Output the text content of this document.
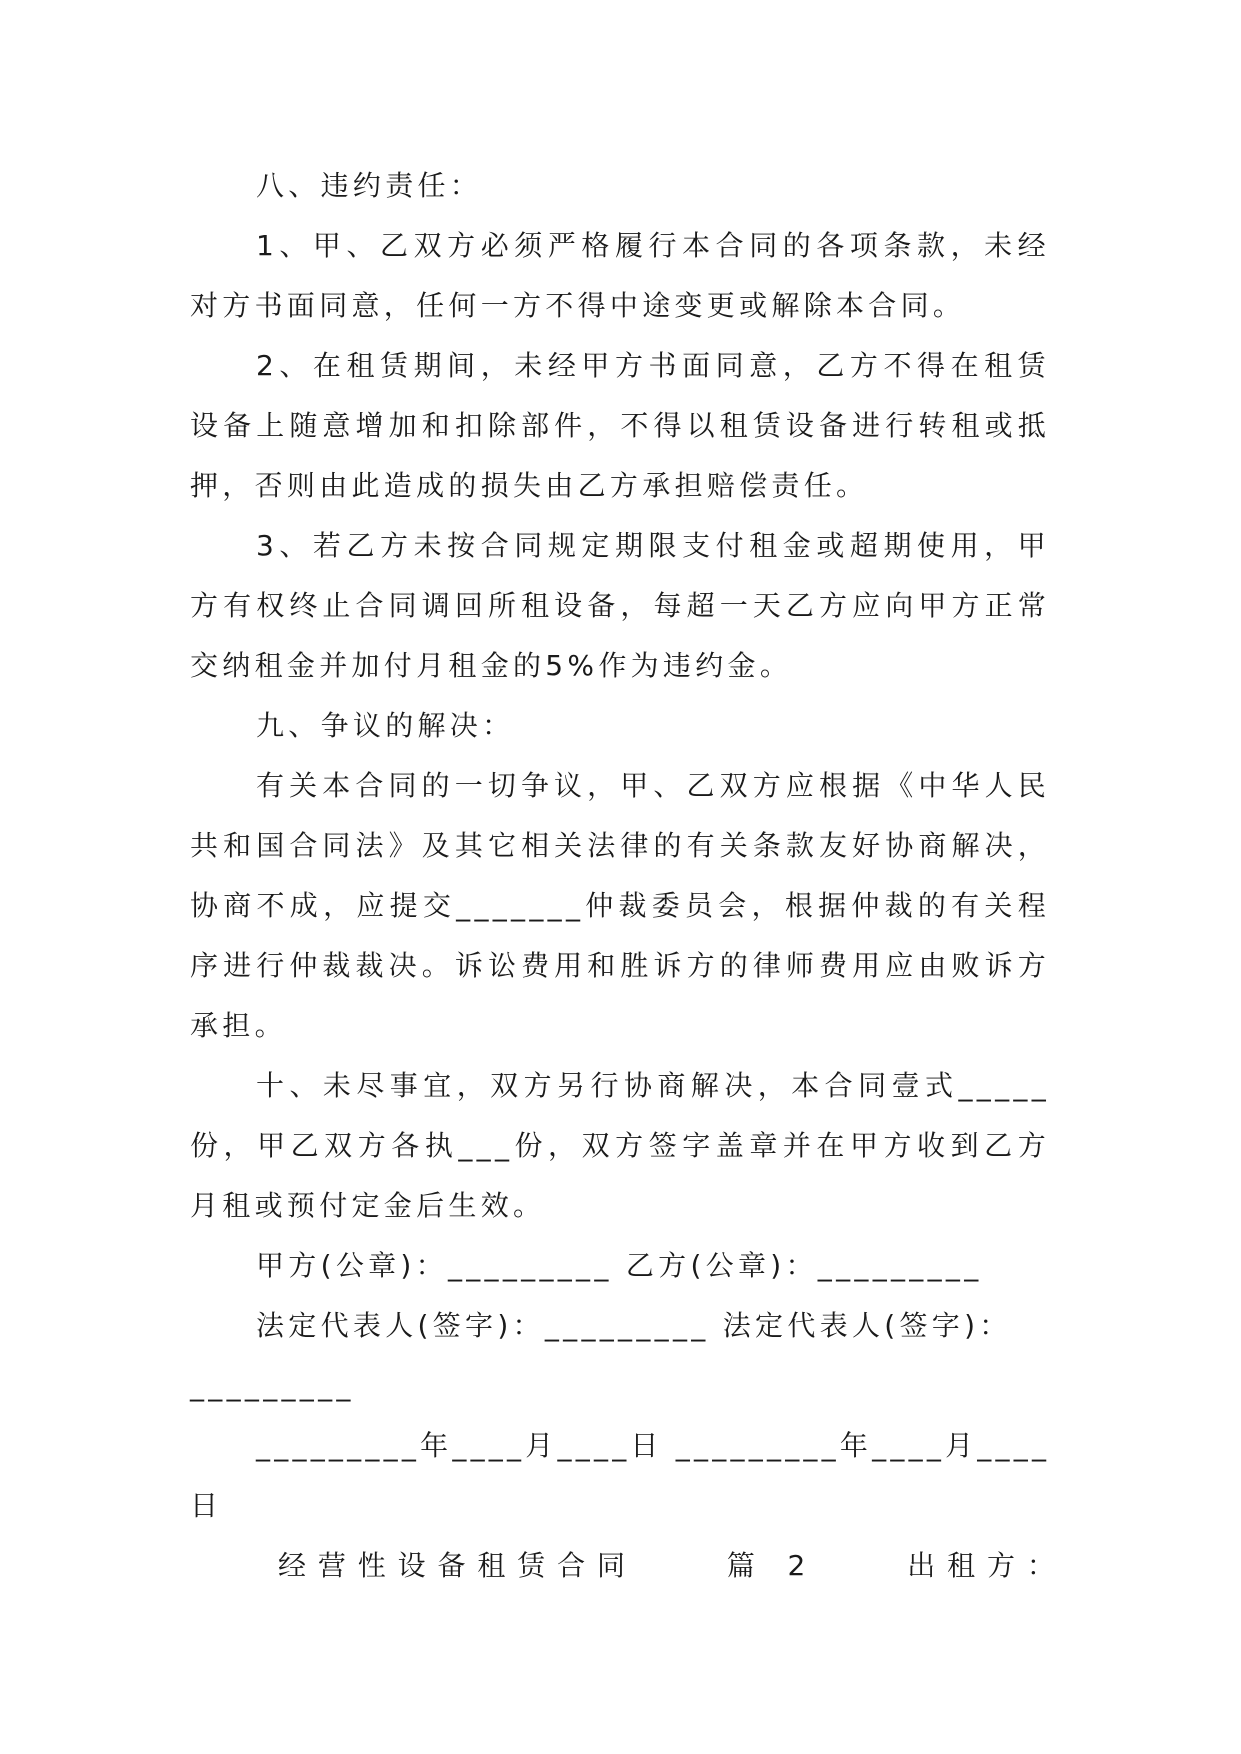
八、违约责任：
1、甲、乙双方必须严格履行本合同的各项条款，未经
对方书面同意，任何一方不得中途变更或解除本合同。
2、在租赁期间，未经甲方书面同意，乙方不得在租赁
设备上随意增加和扣除部件，不得以租赁设备进行转租或抵
押，否则由此造成的损失由乙方承担赔偿责任。
3、若乙方未按合同规定期限支付租金或超期使用，甲
方有权终止合同调回所租设备，每超一天乙方应向甲方正常
交纳租金并加付月租金的5%作为违约金。
九、争议的解决：
有关本合同的一切争议，甲、乙双方应根据《中华人民
共和国合同法》及其它相关法律的有关条款友好协商解决，
协商不成，应提交_______仲裁委员会，根据仲裁的有关程
序进行仲裁裁决。诉讼费用和胜诉方的律师费用应由败诉方
承担。
十、未尽事宜，双方另行协商解决，本合同壹式_____
份，甲乙双方各执___份，双方签字盖章并在甲方收到乙方
月租或预付定金后生效。
甲方(公章)：_________ 乙方(公章)：_________
法定代表人(签字)：_________ 法定代表人(签字)：
_________
_________年____月____日 _________年____月____
日
经营性设备租赁合同	篇 2	出租方：
